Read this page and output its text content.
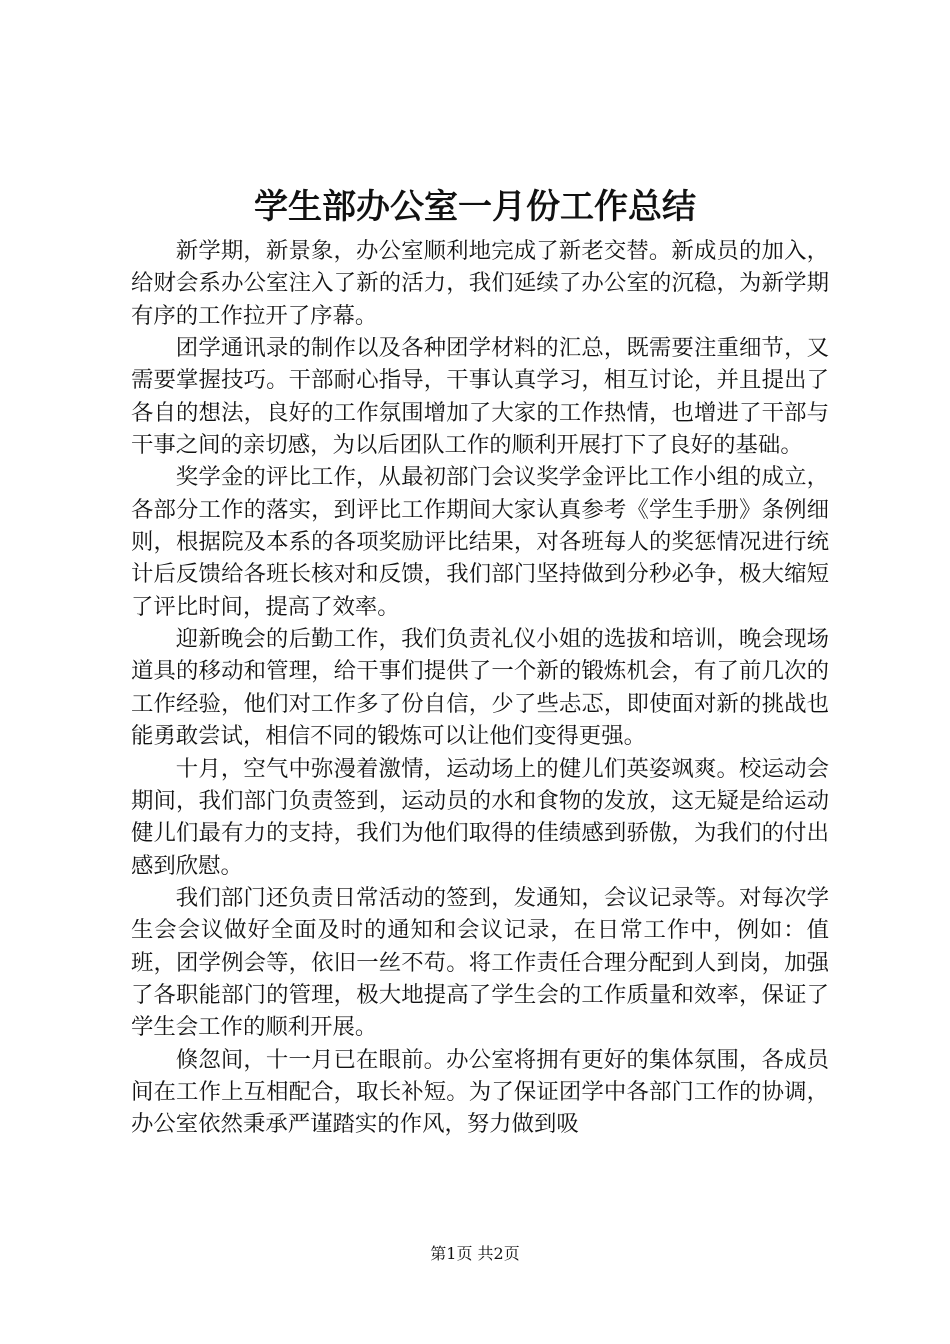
学生部办公室一月份工作总结

新学期，新景象，办公室顺利地完成了新老交替。新成员的加入，给财会系办公室注入了新的活力，我们延续了办公室的沉稳，为新学期有序的工作拉开了序幕。

团学通讯录的制作以及各种团学材料的汇总，既需要注重细节，又需要掌握技巧。干部耐心指导，干事认真学习，相互讨论，并且提出了各自的想法，良好的工作氛围增加了大家的工作热情，也增进了干部与干事之间的亲切感，为以后团队工作的顺利开展打下了良好的基础。

奖学金的评比工作，从最初部门会议奖学金评比工作小组的成立，各部分工作的落实，到评比工作期间大家认真参考《学生手册》条例细则，根据院及本系的各项奖励评比结果，对各班每人的奖惩情况进行统计后反馈给各班长核对和反馈，我们部门坚持做到分秒必争，极大缩短了评比时间，提高了效率。

迎新晚会的后勤工作，我们负责礼仪小姐的选拔和培训，晚会现场道具的移动和管理，给干事们提供了一个新的锻炼机会，有了前几次的工作经验，他们对工作多了份自信，少了些忐忑，即使面对新的挑战也能勇敢尝试，相信不同的锻炼可以让他们变得更强。

十月，空气中弥漫着激情，运动场上的健儿们英姿飒爽。校运动会期间，我们部门负责签到，运动员的水和食物的发放，这无疑是给运动健儿们最有力的支持，我们为他们取得的佳绩感到骄傲，为我们的付出感到欣慰。

我们部门还负责日常活动的签到，发通知，会议记录等。对每次学生会会议做好全面及时的通知和会议记录，在日常工作中，例如：值班，团学例会等，依旧一丝不苟。将工作责任合理分配到人到岗，加强了各职能部门的管理，极大地提高了学生会的工作质量和效率，保证了学生会工作的顺利开展。

倏忽间，十一月已在眼前。办公室将拥有更好的集体氛围，各成员间在工作上互相配合，取长补短。为了保证团学中各部门工作的协调，办公室依然秉承严谨踏实的作风，努力做到吸

第1页 共2页
